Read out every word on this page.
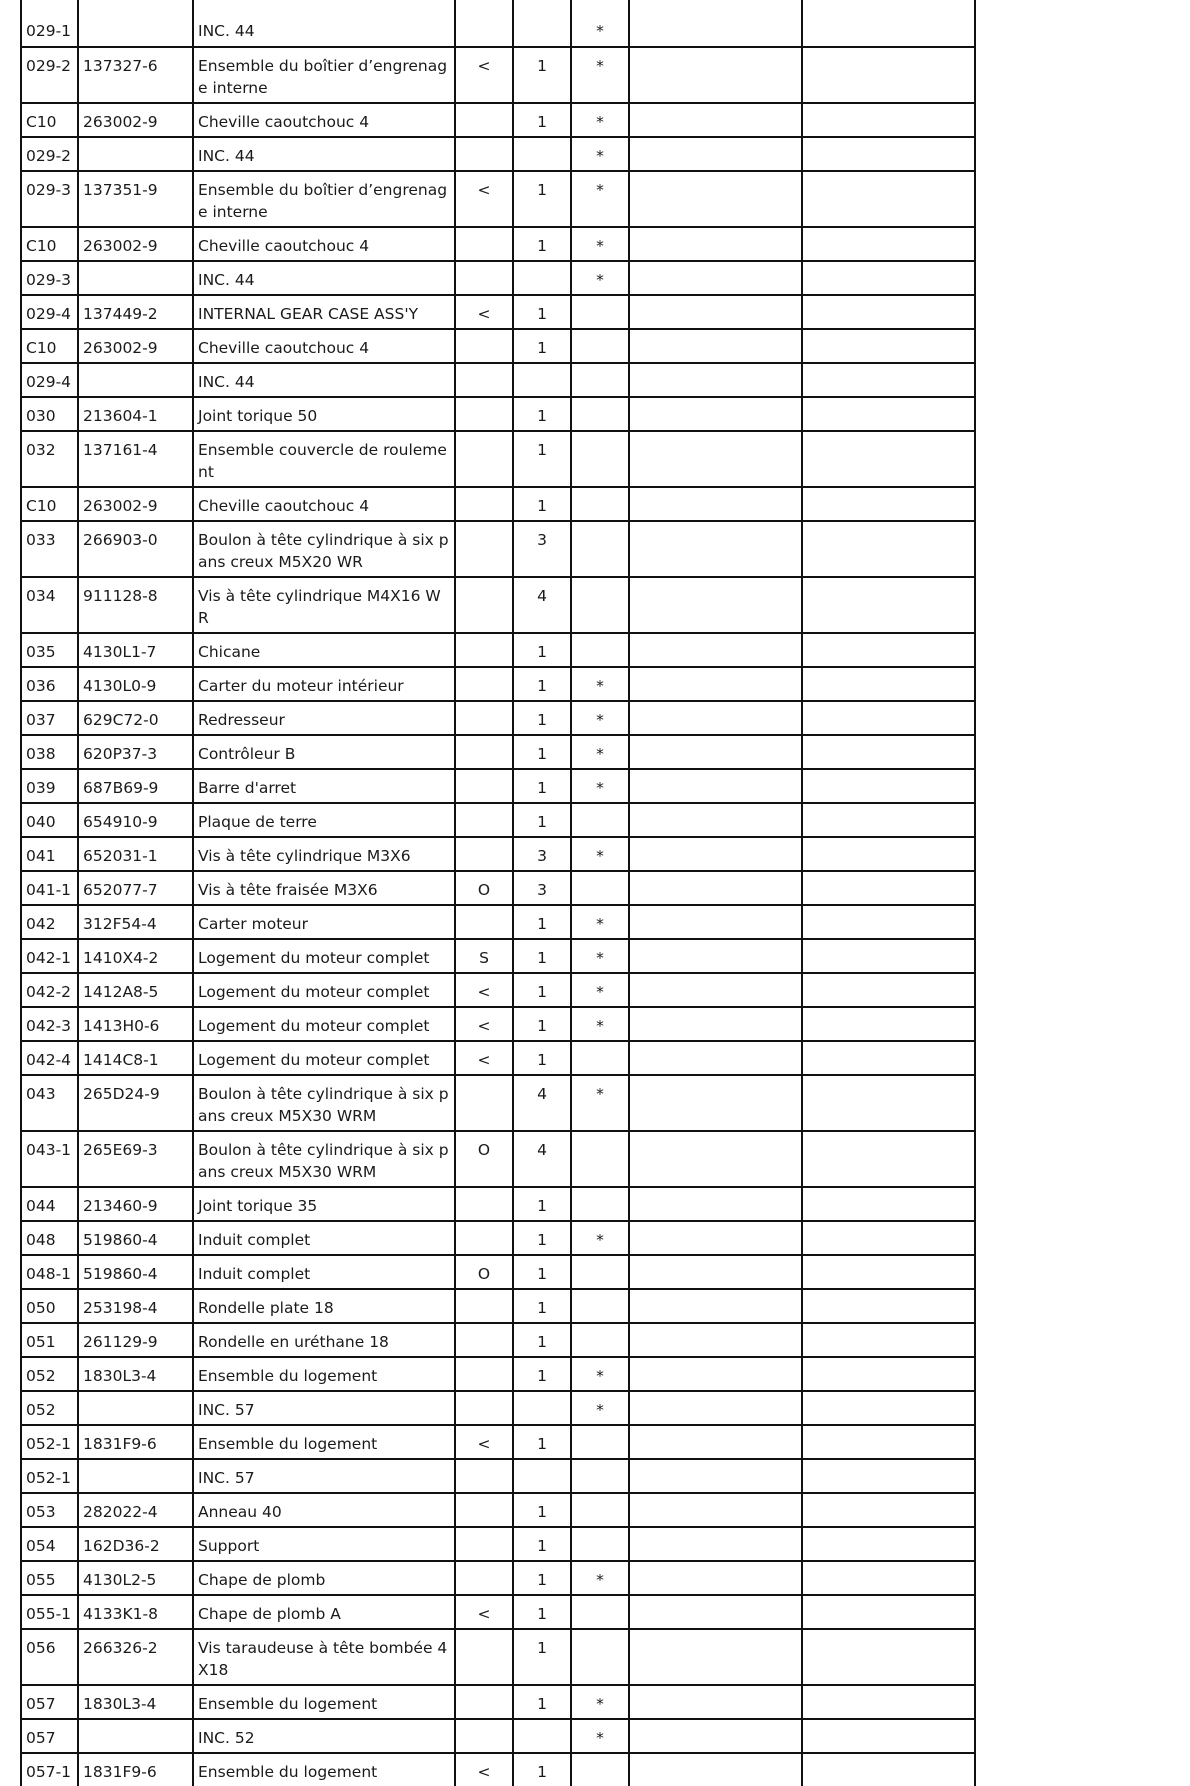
029-1		INC. 44			*		
029-2	137327-6	Ensemble du boîtier d’engrenage interne	<	1	*		
C10	263002-9	Cheville caoutchouc 4		1	*		
029-2		INC. 44			*		
029-3	137351-9	Ensemble du boîtier d’engrenage interne	<	1	*		
C10	263002-9	Cheville caoutchouc 4		1	*		
029-3		INC. 44			*		
029-4	137449-2	INTERNAL GEAR CASE ASS'Y	<	1			
C10	263002-9	Cheville caoutchouc 4		1			
029-4		INC. 44					
030	213604-1	Joint torique 50		1			
032	137161-4	Ensemble couvercle de roulement		1			
C10	263002-9	Cheville caoutchouc 4		1			
033	266903-0	Boulon à tête cylindrique à six pans creux M5X20 WR		3			
034	911128-8	Vis à tête cylindrique M4X16 WR		4			
035	4130L1-7	Chicane		1			
036	4130L0-9	Carter du moteur intérieur		1	*		
037	629C72-0	Redresseur		1	*		
038	620P37-3	Contrôleur B		1	*		
039	687B69-9	Barre d'arret		1	*		
040	654910-9	Plaque de terre		1			
041	652031-1	Vis à tête cylindrique M3X6		3	*		
041-1	652077-7	Vis à tête fraisée M3X6	O	3			
042	312F54-4	Carter moteur		1	*		
042-1	1410X4-2	Logement du moteur complet	S	1	*		
042-2	1412A8-5	Logement du moteur complet	<	1	*		
042-3	1413H0-6	Logement du moteur complet	<	1	*		
042-4	1414C8-1	Logement du moteur complet	<	1			
043	265D24-9	Boulon à tête cylindrique à six pans creux M5X30 WRM		4	*		
043-1	265E69-3	Boulon à tête cylindrique à six pans creux M5X30 WRM	O	4			
044	213460-9	Joint torique 35		1			
048	519860-4	Induit complet		1	*		
048-1	519860-4	Induit complet	O	1			
050	253198-4	Rondelle plate 18		1			
051	261129-9	Rondelle en uréthane 18		1			
052	1830L3-4	Ensemble du logement		1	*		
052		INC. 57			*		
052-1	1831F9-6	Ensemble du logement	<	1			
052-1		INC. 57					
053	282022-4	Anneau 40		1			
054	162D36-2	Support		1			
055	4130L2-5	Chape de plomb		1	*		
055-1	4133K1-8	Chape de plomb A	<	1			
056	266326-2	Vis taraudeuse à tête bombée 4X18		1			
057	1830L3-4	Ensemble du logement		1	*		
057		INC. 52			*		
057-1	1831F9-6	Ensemble du logement	<	1			
